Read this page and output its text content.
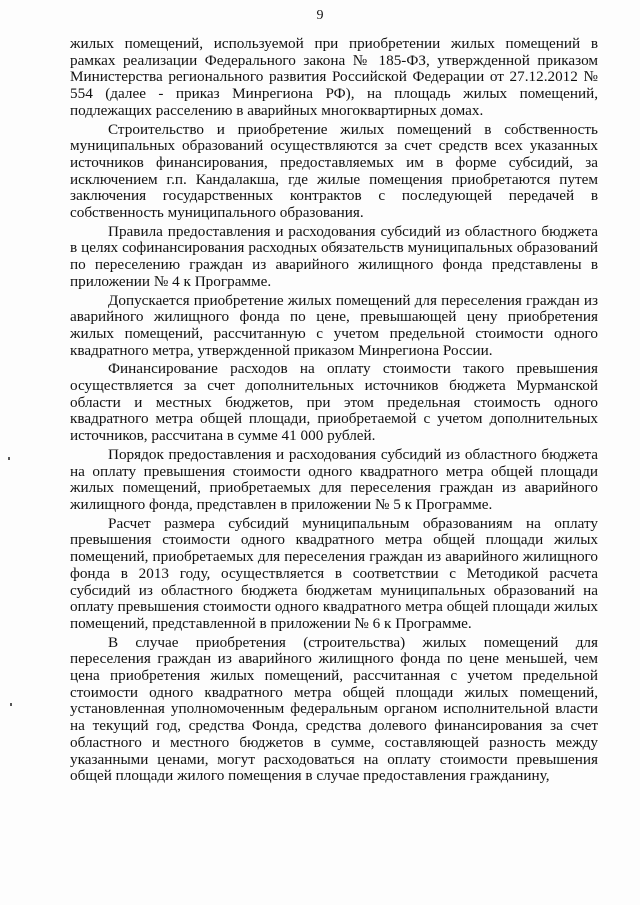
9

жилых помещений, используемой при приобретении жилых помещений в рамках реализации Федерального закона № 185-ФЗ, утвержденной приказом Министерства регионального развития Российской Федерации от 27.12.2012 № 554 (далее - приказ Минрегиона РФ), на площадь жилых помещений, подлежащих расселению в аварийных многоквартирных домах.

Строительство и приобретение жилых помещений в собственность муниципальных образований осуществляются за счет средств всех указанных источников финансирования, предоставляемых им в форме субсидий, за исключением г.п. Кандалакша, где жилые помещения приобретаются путем заключения государственных контрактов с последующей передачей в собственность муниципального образования.

Правила предоставления и расходования субсидий из областного бюджета в целях софинансирования расходных обязательств муниципальных образований по переселению граждан из аварийного жилищного фонда представлены в приложении № 4 к Программе.

Допускается приобретение жилых помещений для переселения граждан из аварийного жилищного фонда по цене, превышающей цену приобретения жилых помещений, рассчитанную с учетом предельной стоимости одного квадратного метра, утвержденной приказом Минрегиона России.

Финансирование расходов на оплату стоимости такого превышения осуществляется за счет дополнительных источников бюджета Мурманской области и местных бюджетов, при этом предельная стоимость одного квадратного метра общей площади, приобретаемой с учетом дополнительных источников, рассчитана в сумме 41 000 рублей.

Порядок предоставления и расходования субсидий из областного бюджета на оплату превышения стоимости одного квадратного метра общей площади жилых помещений, приобретаемых для переселения граждан из аварийного жилищного фонда, представлен в приложении № 5 к Программе.

Расчет размера субсидий муниципальным образованиям на оплату превышения стоимости одного квадратного метра общей площади жилых помещений, приобретаемых для переселения граждан из аварийного жилищного фонда в 2013 году, осуществляется в соответствии с Методикой расчета субсидий из областного бюджета бюджетам муниципальных образований на оплату превышения стоимости одного квадратного метра общей площади жилых помещений, представленной в приложении № 6 к Программе.

В случае приобретения (строительства) жилых помещений для переселения граждан из аварийного жилищного фонда по цене меньшей, чем цена приобретения жилых помещений, рассчитанная с учетом предельной стоимости одного квадратного метра общей площади жилых помещений, установленная уполномоченным федеральным органом исполнительной власти на текущий год, средства Фонда, средства долевого финансирования за счет областного и местного бюджетов в сумме, составляющей разность между указанными ценами, могут расходоваться на оплату стоимости превышения общей площади жилого помещения в случае предоставления гражданину,
